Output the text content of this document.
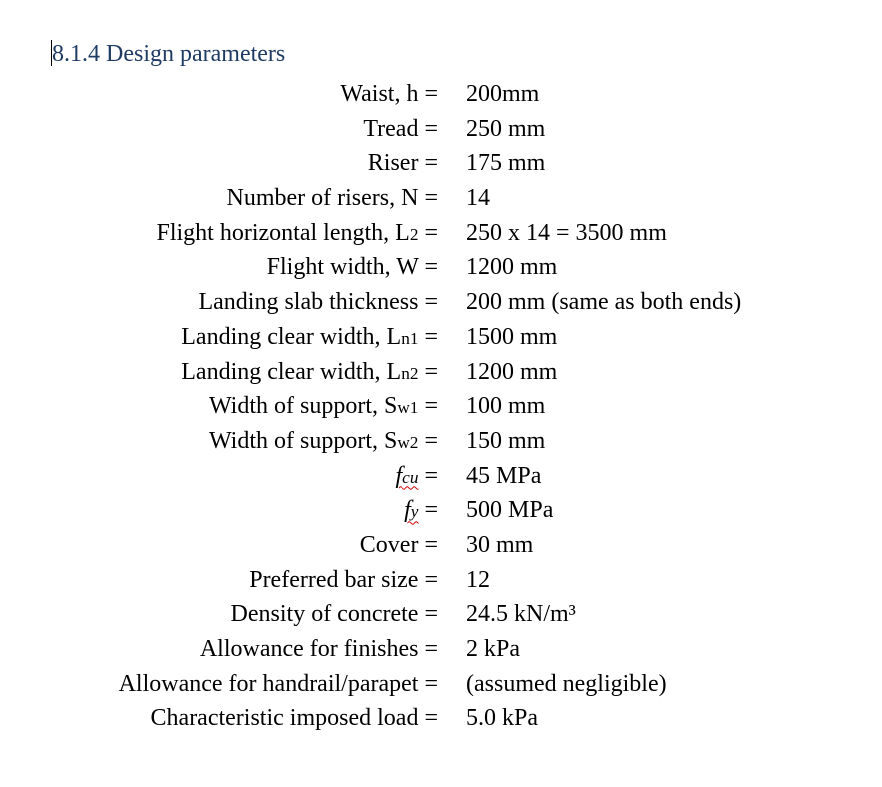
8.1.4 Design parameters
Waist, h = 200mm
Tread = 250 mm
Riser = 175 mm
Number of risers, N = 14
Flight horizontal length, L2 = 250 x 14 = 3500 mm
Flight width, W = 1200 mm
Landing slab thickness = 200 mm (same as both ends)
Landing clear width, Ln1 = 1500 mm
Landing clear width, Ln2 = 1200 mm
Width of support, Sw1 = 100 mm
Width of support, Sw2 = 150 mm
fcu = 45 MPa
fy = 500 MPa
Cover = 30 mm
Preferred bar size = 12
Density of concrete = 24.5 kN/m³
Allowance for finishes = 2 kPa
Allowance for handrail/parapet = (assumed negligible)
Characteristic imposed load = 5.0 kPa
